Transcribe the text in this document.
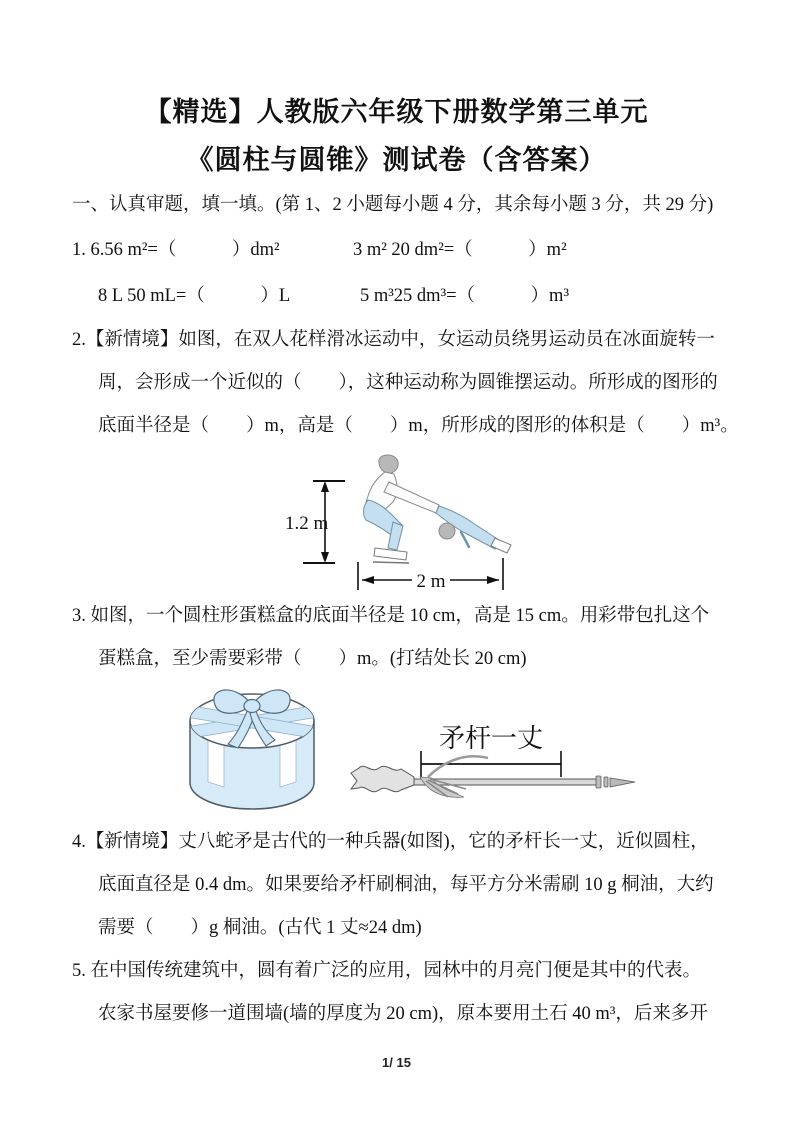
【精选】人教版六年级下册数学第三单元
《圆柱与圆锥》测试卷（含答案）
一、认真审题，填一填。(第 1、2 小题每小题 4 分，其余每小题 3 分，共 29 分)
1. 6.56 m²=（　　　）dm²	3 m² 20 dm²=（　　　）m²
8 L 50 mL=（　　　）L	5 m³25 dm³=（　　　）m³
2.【新情境】如图，在双人花样滑冰运动中，女运动员绕男运动员在冰面旋转一
周，会形成一个近似的（　　），这种运动称为圆锥摆运动。所形成的图形的
底面半径是（　　）m，高是（　　）m，所形成的图形的体积是（　　）m³。
1.2 m
2 m
3. 如图，一个圆柱形蛋糕盒的底面半径是 10 cm，高是 15 cm。用彩带包扎这个
蛋糕盒，至少需要彩带（　　）m。(打结处长 20 cm)
矛杆一丈
4.【新情境】丈八蛇矛是古代的一种兵器(如图)，它的矛杆长一丈，近似圆柱，
底面直径是 0.4 dm。如果要给矛杆刷桐油，每平方分米需刷 10 g 桐油，大约
需要（　　）g 桐油。(古代 1 丈≈24 dm)
5. 在中国传统建筑中，圆有着广泛的应用，园林中的月亮门便是其中的代表。
农家书屋要修一道围墙(墙的厚度为 20 cm)，原本要用土石 40 m³，后来多开
1/ 15
